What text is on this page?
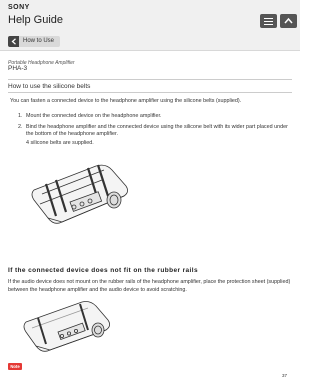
SONY
Help Guide
How to Use
Portable Headphone Amplifier
PHA-3
How to use the silicone belts
You can fasten a connected device to the headphone amplifier using the silicone belts (supplied).
1. Mount the connected device on the headphone amplifier.
2. Bind the headphone amplifier and the connected device using the silicone belt with its wider part placed under the bottom of the headphone amplifier.
4 silicone belts are supplied.
If the connected device does not fit on the rubber rails
If the audio device does not mount on the rubber rails of the headphone amplifier, place the protection sheet (supplied) between the headphone amplifier and the audio device to avoid scratching.
Note
37
